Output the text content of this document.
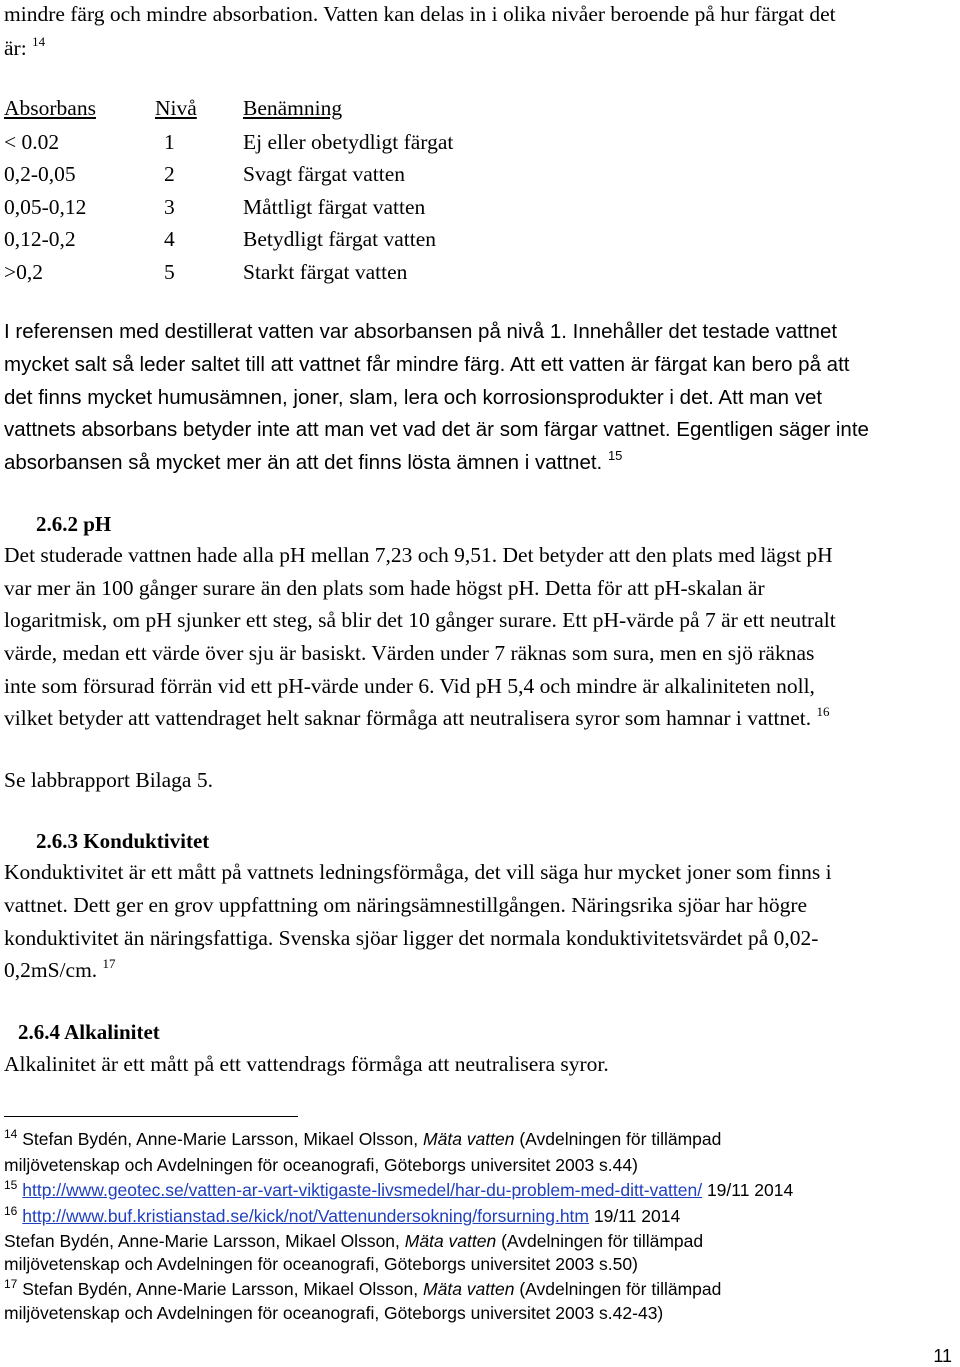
mindre färg och mindre absorbation. Vatten kan delas in i olika nivåer beroende på hur färgat det
är: $^{14}$
Absorbans	Nivå Benämning
< 0.02	1	Ej eller obetydligt färgat
0,2-0,05	2	Svagt färgat vatten
0,05-0,12	3	Måttligt färgat vatten
0,12-0,2	4	Betydligt färgat vatten
>0,2	5	Starkt färgat vatten
I referensen med destillerat vatten var absorbansen på nivå 1. Innehåller det testade vattnet
mycket salt så leder saltet till att vattnet får mindre färg. Att ett vatten är färgat kan bero på att
det finns mycket humusämnen, joner, slam, lera och korrosionsprodukter i det. Att man vet
vattnets absorbans betyder inte att man vet vad det är som färgar vattnet. Egentligen säger inte
absorbansen så mycket mer än att det finns lösta ämnen i vattnet. $^{15}$
2.6.2 pH
Det studerade vattnen hade alla pH mellan 7,23 och 9,51. Det betyder att den plats med lägst pH
var mer än 100 gånger surare än den plats som hade högst pH. Detta för att pH-skalan är
logaritmisk, om pH sjunker ett steg, så blir det 10 gånger surare. Ett pH-värde på 7 är ett neutralt
värde, medan ett värde över sju är basiskt. Värden under 7 räknas som sura, men en sjö räknas
inte som försurad förrän vid ett pH-värde under 6. Vid pH 5,4 och mindre är alkaliniteten noll,
vilket betyder att vattendraget helt saknar förmåga att neutralisera syror som hamnar i vattnet. $^{16}$
Se labbrapport Bilaga 5.
2.6.3 Konduktivitet
Konduktivitet är ett mått på vattnets ledningsförmåga, det vill säga hur mycket joner som finns i
vattnet. Dett ger en grov uppfattning om näringsämnestillgången. Näringsrika sjöar har högre
konduktivitet än näringsfattiga. Svenska sjöar ligger det normala konduktivitetsvärdet på 0,02-
0,2mS/cm. $^{17}$
2.6.4 Alkalinitet
Alkalinitet är ett mått på ett vattendrags förmåga att neutralisera syror.
$^{14}$ Stefan Bydén, Anne-Marie Larsson, Mikael Olsson, Mäta vatten (Avdelningen för tillämpad
miljövetenskap och Avdelningen för oceanografi, Göteborgs universitet 2003 s.44)
$^{15}$ http://www.geotec.se/vatten-ar-vart-viktigaste-livsmedel/har-du-problem-med-ditt-vatten/ 19/11 2014
$^{16}$ http://www.buf.kristianstad.se/kick/not/Vattenundersokning/forsurning.htm 19/11 2014
Stefan Bydén, Anne-Marie Larsson, Mikael Olsson, Mäta vatten (Avdelningen för tillämpad
miljövetenskap och Avdelningen för oceanografi, Göteborgs universitet 2003 s.50)
$^{17}$ Stefan Bydén, Anne-Marie Larsson, Mikael Olsson, Mäta vatten (Avdelningen för tillämpad
miljövetenskap och Avdelningen för oceanografi, Göteborgs universitet 2003 s.42-43)
11
